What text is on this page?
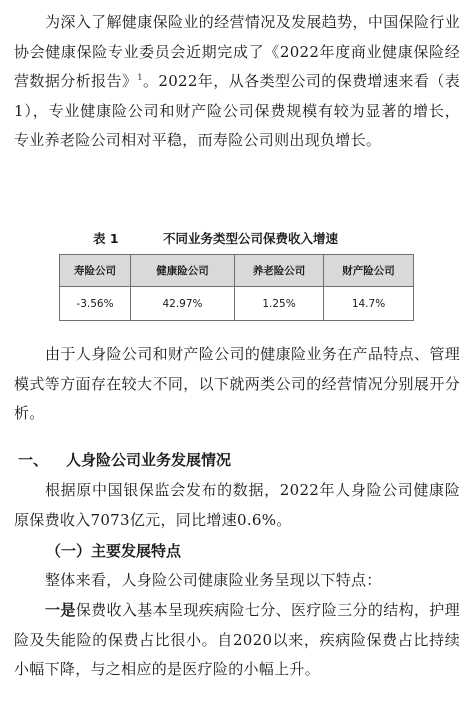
为深入了解健康保险业的经营情况及发展趋势，中国保险行业协会健康保险专业委员会近期完成了《2022年度商业健康保险经营数据分析报告》$^1$。2022年，从各类型公司的保费增速来看（表1），专业健康险公司和财产险公司保费规模有较为显著的增长，专业养老险公司相对平稳，而寿险公司则出现负增长。

表 1	不同业务类型公司保费收入增速
寿险公司	健康险公司	养老险公司	财产险公司
-3.56%	42.97%	1.25%	14.7%

由于人身险公司和财产险公司的健康险业务在产品特点、管理模式等方面存在较大不同，以下就两类公司的经营情况分别展开分析。

一、 人身险公司业务发展情况

根据原中国银保监会发布的数据，2022年人身险公司健康险原保费收入7073亿元，同比增速0.6%。

（一）主要发展特点

整体来看，人身险公司健康险业务呈现以下特点：

一是保费收入基本呈现疾病险七分、医疗险三分的结构，护理险及失能险的保费占比很小。自2020以来，疾病险保费占比持续小幅下降，与之相应的是医疗险的小幅上升。
